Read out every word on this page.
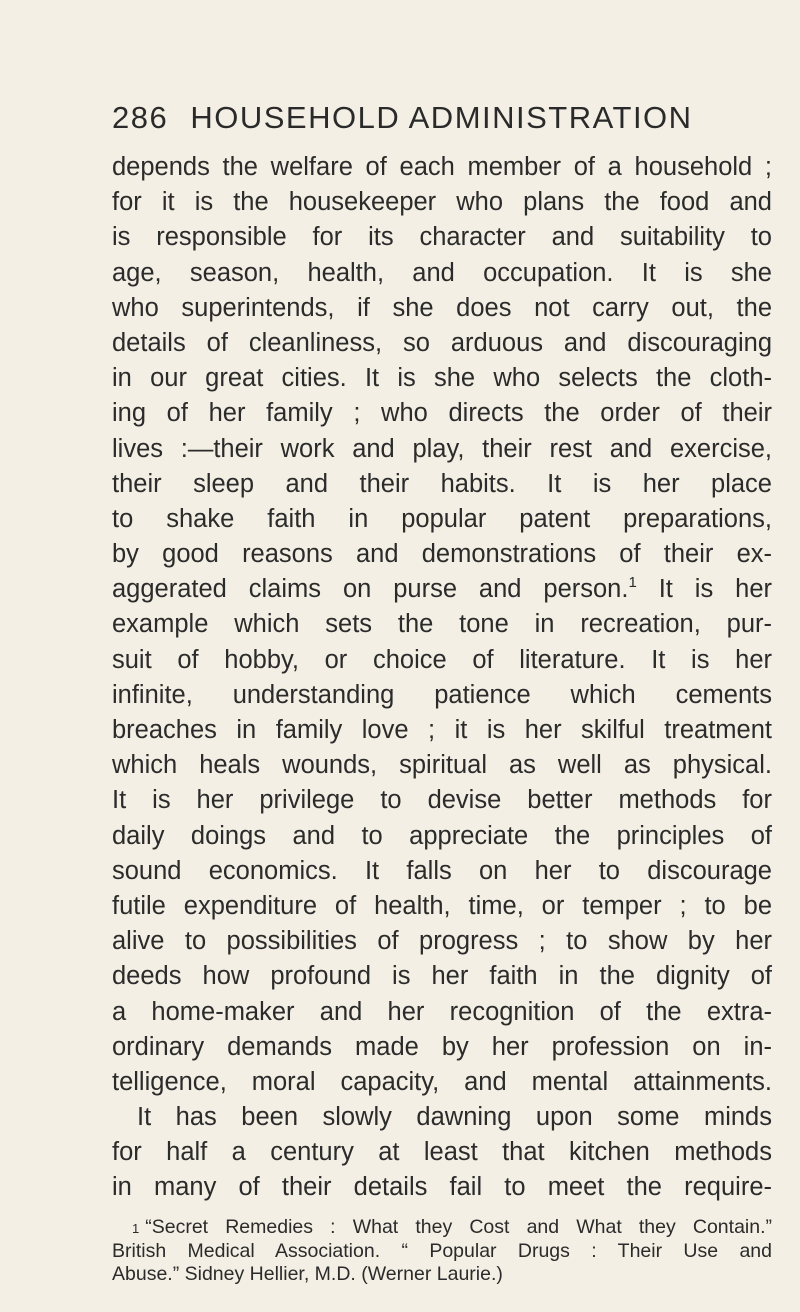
286 HOUSEHOLD ADMINISTRATION
depends the welfare of each member of a household ;
for it is the housekeeper who plans the food and
is responsible for its character and suitability to
age, season, health, and occupation. It is she
who superintends, if she does not carry out, the
details of cleanliness, so arduous and discouraging
in our great cities. It is she who selects the cloth-
ing of her family ; who directs the order of their
lives :—their work and play, their rest and exercise,
their sleep and their habits. It is her place
to shake faith in popular patent preparations,
by good reasons and demonstrations of their ex-
aggerated claims on purse and person.$^1$ It is her
example which sets the tone in recreation, pur-
suit of hobby, or choice of literature. It is her
infinite, understanding patience which cements
breaches in family love ; it is her skilful treatment
which heals wounds, spiritual as well as physical.
It is her privilege to devise better methods for
daily doings and to appreciate the principles of
sound economics. It falls on her to discourage
futile expenditure of health, time, or temper ; to be
alive to possibilities of progress ; to show by her
deeds how profound is her faith in the dignity of
a home-maker and her recognition of the extra-
ordinary demands made by her profession on in-
telligence, moral capacity, and mental attainments.
It has been slowly dawning upon some minds
for half a century at least that kitchen methods
in many of their details fail to meet the require-
1 “Secret Remedies : What they Cost and What they Contain.”
British Medical Association. “ Popular Drugs : Their Use and
Abuse.” Sidney Hellier, M.D. (Werner Laurie.)
